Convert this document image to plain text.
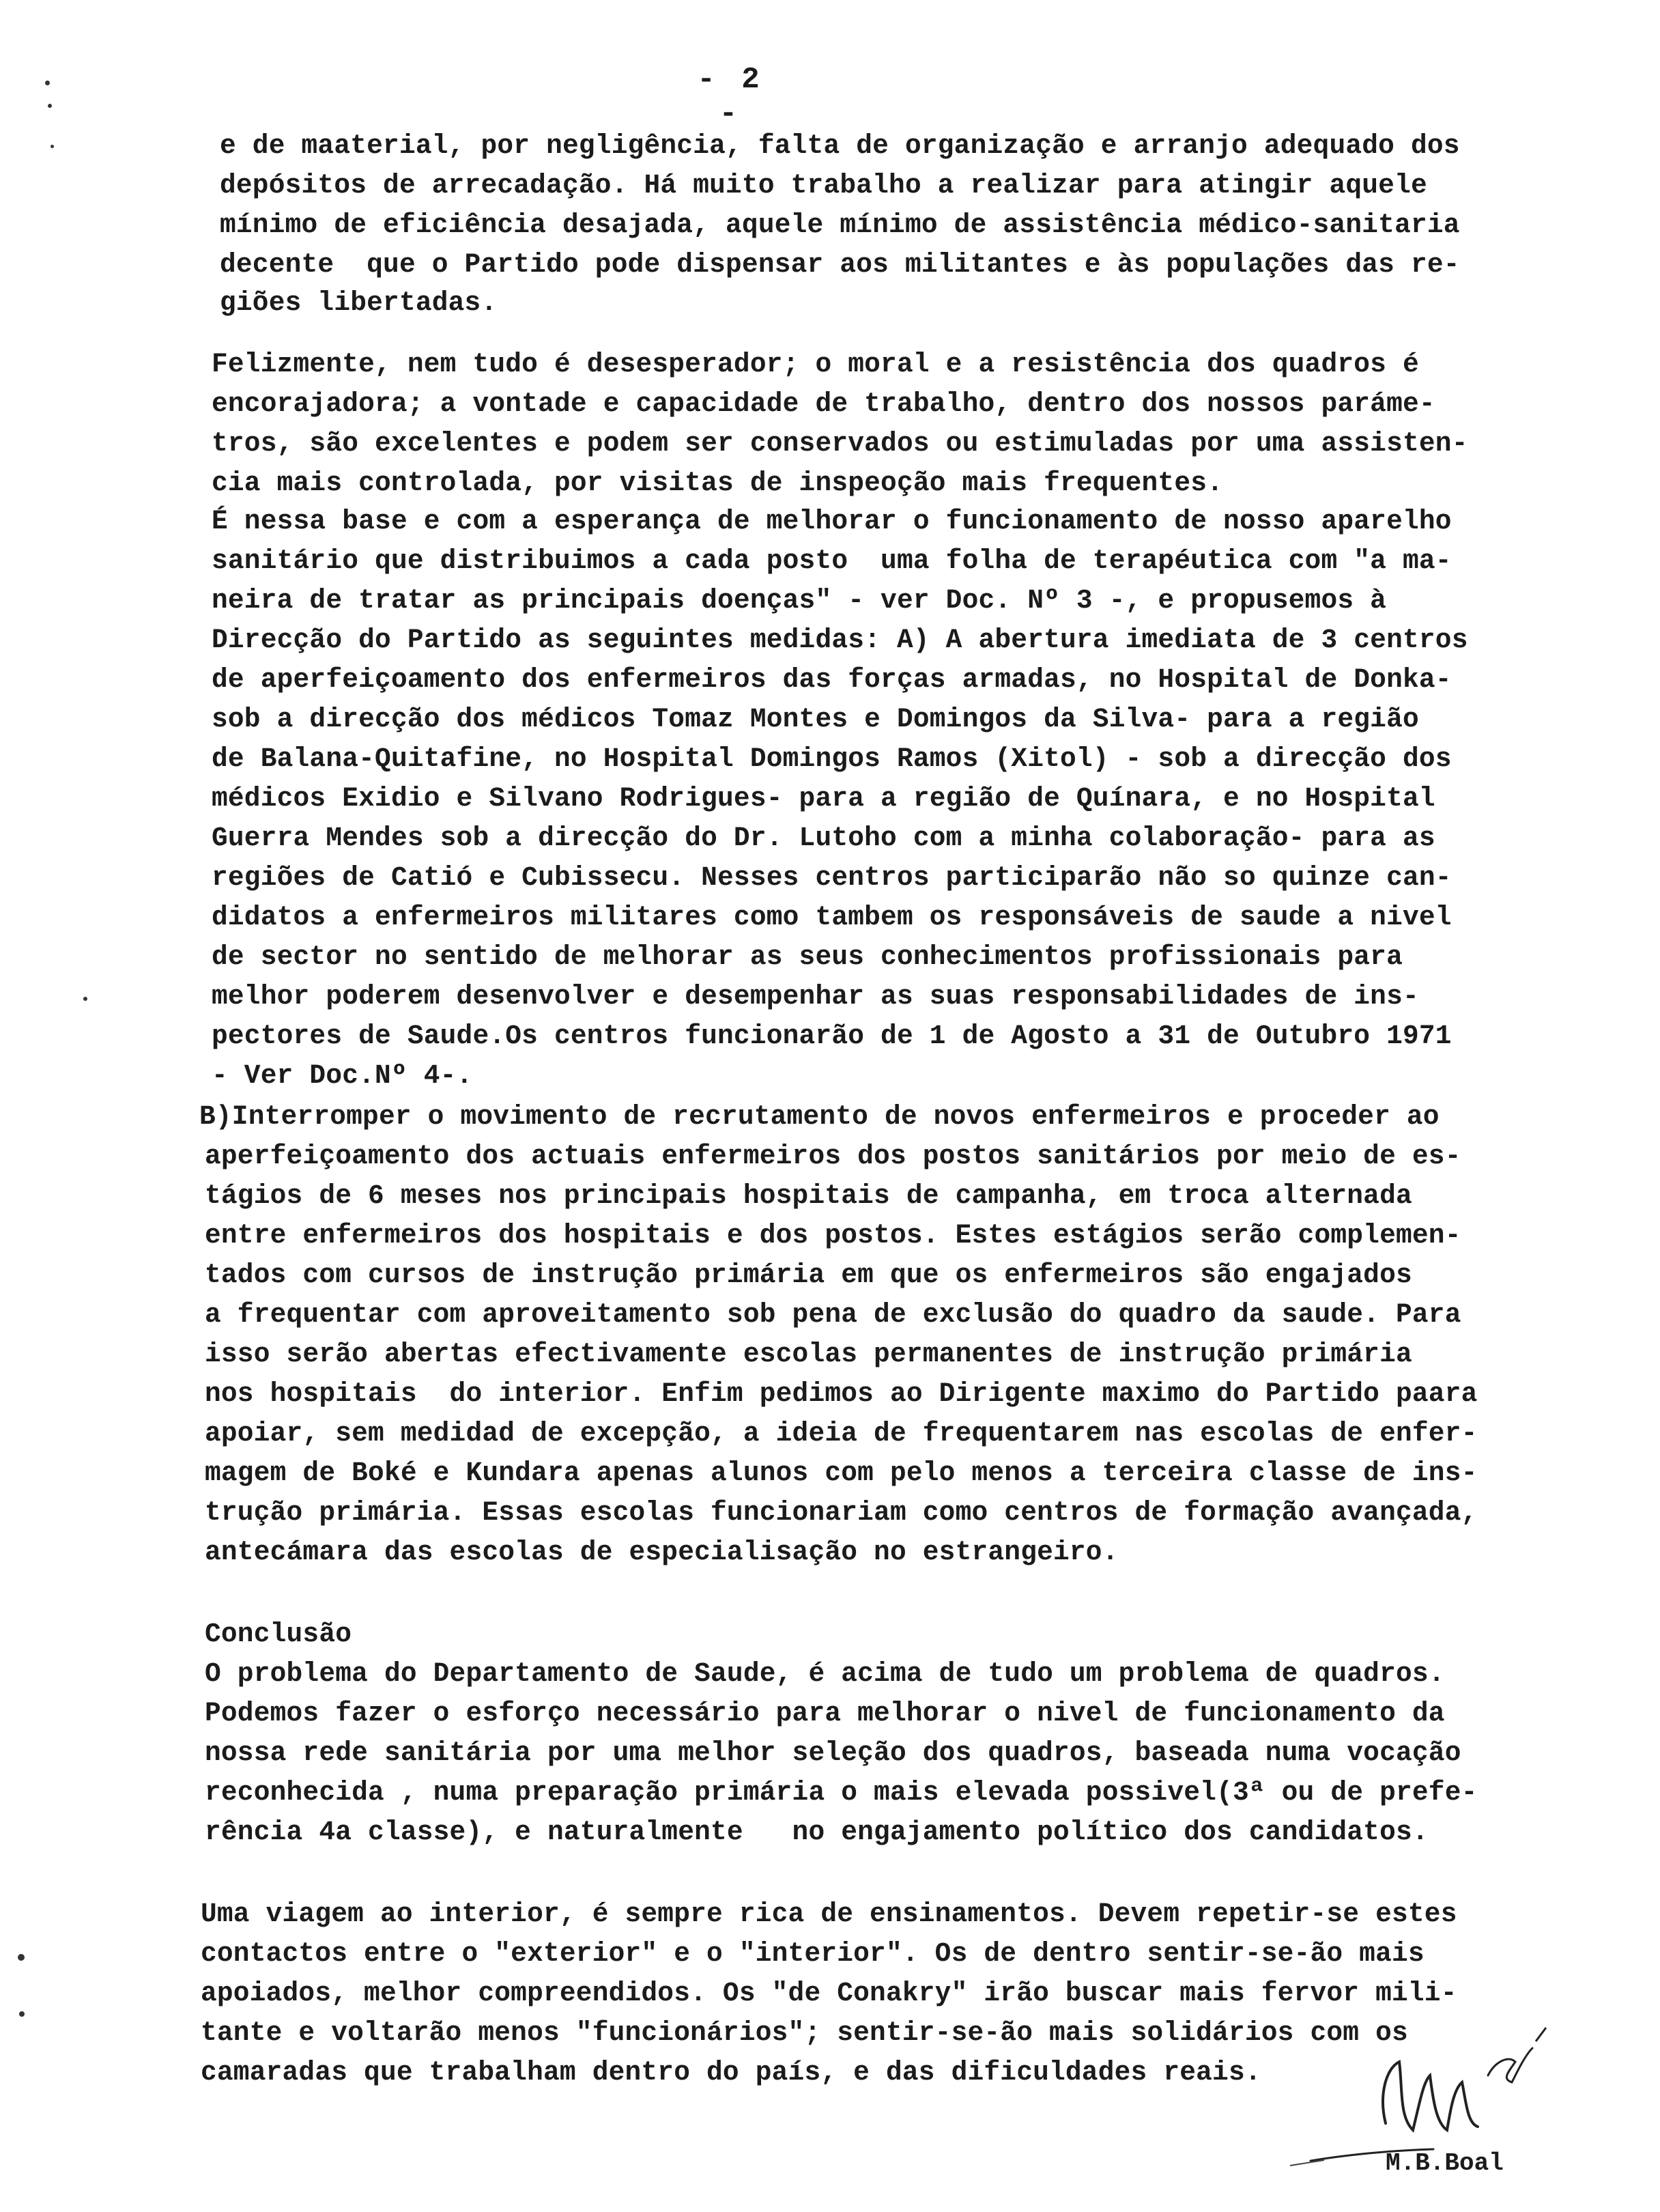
- 2 -
e de maaterial, por negligência, falta de organização e arranjo adequado dos
depósitos de arrecadação. Há muito trabalho a realizar para atingir aquele
mínimo de eficiência desajada, aquele mínimo de assistência médico-sanitaria
decente  que o Partido pode dispensar aos militantes e às populações das re-
giões libertadas.
Felizmente, nem tudo é desesperador; o moral e a resistência dos quadros é
encorajadora; a vontade e capacidade de trabalho, dentro dos nossos paráme-
tros, são excelentes e podem ser conservados ou estimuladas por uma assisten-
cia mais controlada, por visitas de inspeoção mais frequentes.
É nessa base e com a esperança de melhorar o funcionamento de nosso aparelho
sanitário que distribuimos a cada posto  uma folha de terapéutica com "a ma-
neira de tratar as principais doenças" - ver Doc. Nº 3 -, e propusemos à
Direcção do Partido as seguintes medidas: A) A abertura imediata de 3 centros
de aperfeiçoamento dos enfermeiros das forças armadas, no Hospital de Donka-
sob a direcção dos médicos Tomaz Montes e Domingos da Silva- para a região
de Balana-Quitafine, no Hospital Domingos Ramos (Xitol) - sob a direcção dos
médicos Exidio e Silvano Rodrigues- para a região de Quínara, e no Hospital
Guerra Mendes sob a direcção do Dr. Lutoho com a minha colaboração- para as
regiões de Catió e Cubissecu. Nesses centros participarão não so quinze can-
didatos a enfermeiros militares como tambem os responsáveis de saude a nivel
de sector no sentido de melhorar as seus conhecimentos profissionais para
melhor poderem desenvolver e desempenhar as suas responsabilidades de ins-
pectores de Saude.Os centros funcionarão de 1 de Agosto a 31 de Outubro 1971
- Ver Doc.Nº 4-.
B)Interromper o movimento de recrutamento de novos enfermeiros e proceder ao
aperfeiçoamento dos actuais enfermeiros dos postos sanitários por meio de es-
tágios de 6 meses nos principais hospitais de campanha, em troca alternada
entre enfermeiros dos hospitais e dos postos. Estes estágios serão complemen-
tados com cursos de instrução primária em que os enfermeiros são engajados
a frequentar com aproveitamento sob pena de exclusão do quadro da saude. Para
isso serão abertas efectivamente escolas permanentes de instrução primária
nos hospitais  do interior. Enfim pedimos ao Dirigente maximo do Partido paara
apoiar, sem medidad de excepção, a ideia de frequentarem nas escolas de enfer-
magem de Boké e Kundara apenas alunos com pelo menos a terceira classe de ins-
trução primária. Essas escolas funcionariam como centros de formação avançada,
antecámara das escolas de especialisação no estrangeiro.
Conclusão
O problema do Departamento de Saude, é acima de tudo um problema de quadros.
Podemos fazer o esforço necessário para melhorar o nivel de funcionamento da
nossa rede sanitária por uma melhor seleção dos quadros, baseada numa vocação
reconhecida , numa preparação primária o mais elevada possivel(3ª ou de prefe-
rência 4a classe), e naturalmente   no engajamento político dos candidatos.
Uma viagem ao interior, é sempre rica de ensinamentos. Devem repetir-se estes
contactos entre o "exterior" e o "interior". Os de dentro sentir-se-ão mais
apoiados, melhor compreendidos. Os "de Conakry" irão buscar mais fervor mili-
tante e voltarão menos "funcionários"; sentir-se-ão mais solidários com os
camaradas que trabalham dentro do país, e das dificuldades reais.
M.B.Boal
